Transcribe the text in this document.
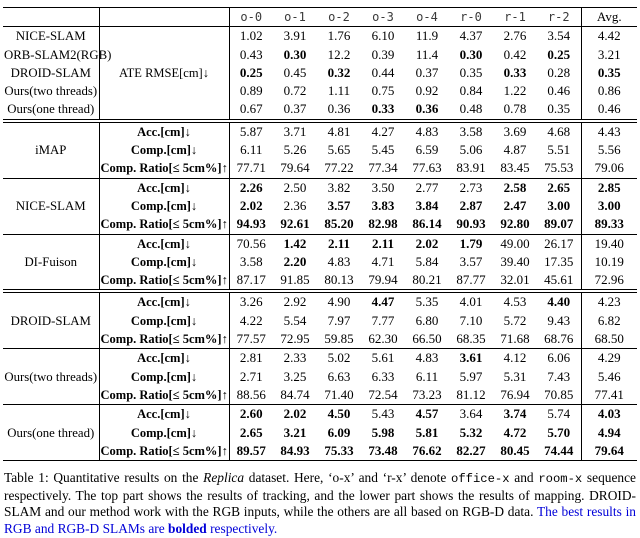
		o-0	o-1	o-2	o-3	o-4	r-0	r-1	r-2	Avg.
NICE-SLAM	ATE RMSE[cm]↓	1.02	3.91	1.76	6.10	11.9	4.37	2.76	3.54	4.42
ORB-SLAM2(RGB)		0.43	0.30	12.2	0.39	11.4	0.30	0.42	0.25	3.21
DROID-SLAM		0.25	0.45	0.32	0.44	0.37	0.35	0.33	0.28	0.35
Ours(two threads)		0.89	0.72	1.11	0.75	0.92	0.84	1.22	0.46	0.86
Ours(one thread)		0.67	0.37	0.36	0.33	0.36	0.48	0.78	0.35	0.46
iMAP	Acc.[cm]↓	5.87	3.71	4.81	4.27	4.83	3.58	3.69	4.68	4.43
	Comp.[cm]↓	6.11	5.26	5.65	5.45	6.59	5.06	4.87	5.51	5.56
	Comp. Ratio[≤ 5cm%]↑	77.71	79.64	77.22	77.34	77.63	83.91	83.45	75.53	79.06
NICE-SLAM	Acc.[cm]↓	2.26	2.50	3.82	3.50	2.77	2.73	2.58	2.65	2.85
	Comp.[cm]↓	2.02	2.36	3.57	3.83	3.84	2.87	2.47	3.00	3.00
	Comp. Ratio[≤ 5cm%]↑	94.93	92.61	85.20	82.98	86.14	90.93	92.80	89.07	89.33
DI-Fuison	Acc.[cm]↓	70.56	1.42	2.11	2.11	2.02	1.79	49.00	26.17	19.40
	Comp.[cm]↓	3.58	2.20	4.83	4.71	5.84	3.57	39.40	17.35	10.19
	Comp. Ratio[≤ 5cm%]↑	87.17	91.85	80.13	79.94	80.21	87.77	32.01	45.61	72.96
DROID-SLAM	Acc.[cm]↓	3.26	2.92	4.90	4.47	5.35	4.01	4.53	4.40	4.23
	Comp.[cm]↓	4.22	5.54	7.97	7.77	6.80	7.10	5.72	9.43	6.82
	Comp. Ratio[≤ 5cm%]↑	77.57	72.95	59.85	62.30	66.50	68.35	71.68	68.76	68.50
Ours(two threads)	Acc.[cm]↓	2.81	2.33	5.02	5.61	4.83	3.61	4.12	6.06	4.29
	Comp.[cm]↓	2.71	3.25	6.63	6.33	6.11	5.97	5.31	7.43	5.46
	Comp. Ratio[≤ 5cm%]↑	88.56	84.74	71.40	72.54	73.23	81.12	76.94	70.85	77.41
Ours(one thread)	Acc.[cm]↓	2.60	2.02	4.50	5.43	4.57	3.64	3.74	5.74	4.03
	Comp.[cm]↓	2.65	3.21	6.09	5.98	5.81	5.32	4.72	5.70	4.94
	Comp. Ratio[≤ 5cm%]↑	89.57	84.93	75.33	73.48	76.62	82.27	80.45	74.44	79.64

Table 1: Quantitative results on the Replica dataset. Here, ‘o-x’ and ‘r-x’ denote office-x and room-x sequence respectively. The top part shows the results of tracking, and the lower part shows the results of mapping. DROID-SLAM and our method work with the RGB inputs, while the others are all based on RGB-D data. The best results in RGB and RGB-D SLAMs are bolded respectively.
